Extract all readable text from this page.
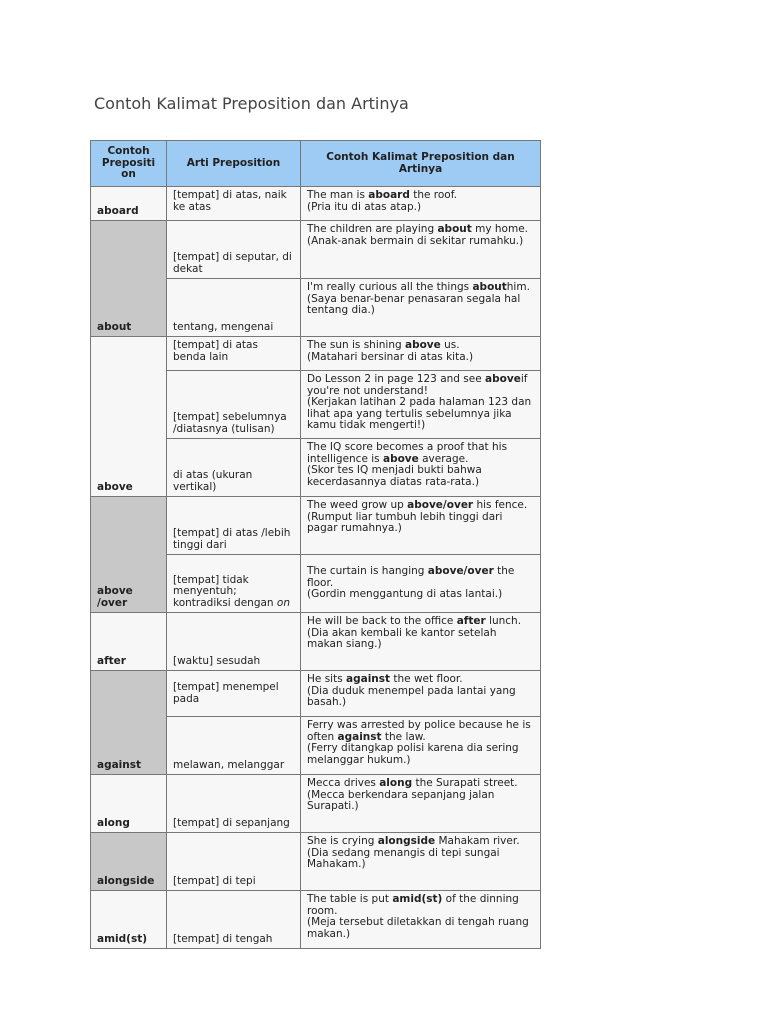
Contoh Kalimat Preposition dan Artinya
Contoh Prepositi on	Arti Preposition	Contoh Kalimat Preposition dan Artinya
aboard	[tempat] di atas, naik ke atas	The man is aboard the roof.
(Pria itu di atas atap.)
about	[tempat] di seputar, di dekat	The children are playing about my home.
(Anak-anak bermain di sekitar rumahku.)
	tentang, mengenai	I'm really curious all the things abouthim.
(Saya benar-benar penasaran segala hal tentang dia.)
above	[tempat] di atas benda lain	The sun is shining above us.
(Matahari bersinar di atas kita.)
	[tempat] sebelumnya /diatasnya (tulisan)	Do Lesson 2 in page 123 and see aboveif you're not understand!
(Kerjakan latihan 2 pada halaman 123 dan lihat apa yang tertulis sebelumnya jika kamu tidak mengerti!)
	di atas (ukuran vertikal)	The IQ score becomes a proof that his intelligence is above average.
(Skor tes IQ menjadi bukti bahwa kecerdasannya diatas rata-rata.)
above /over	[tempat] di atas /lebih tinggi dari	The weed grow up above/over his fence.
(Rumput liar tumbuh lebih tinggi dari pagar rumahnya.)
	[tempat] tidak menyentuh; kontradiksi dengan on	The curtain is hanging above/over the floor.
(Gordin menggantung di atas lantai.)
after	[waktu] sesudah	He will be back to the office after lunch.
(Dia akan kembali ke kantor setelah makan siang.)
against	[tempat] menempel pada	He sits against the wet floor.
(Dia duduk menempel pada lantai yang basah.)
	melawan, melanggar	Ferry was arrested by police because he is often against the law.
(Ferry ditangkap polisi karena dia sering melanggar hukum.)
along	[tempat] di sepanjang	Mecca drives along the Surapati street.
(Mecca berkendara sepanjang jalan Surapati.)
alongside	[tempat] di tepi	She is crying alongside Mahakam river.
(Dia sedang menangis di tepi sungai Mahakam.)
amid(st)	[tempat] di tengah	The table is put amid(st) of the dinning room.
(Meja tersebut diletakkan di tengah ruang makan.)
